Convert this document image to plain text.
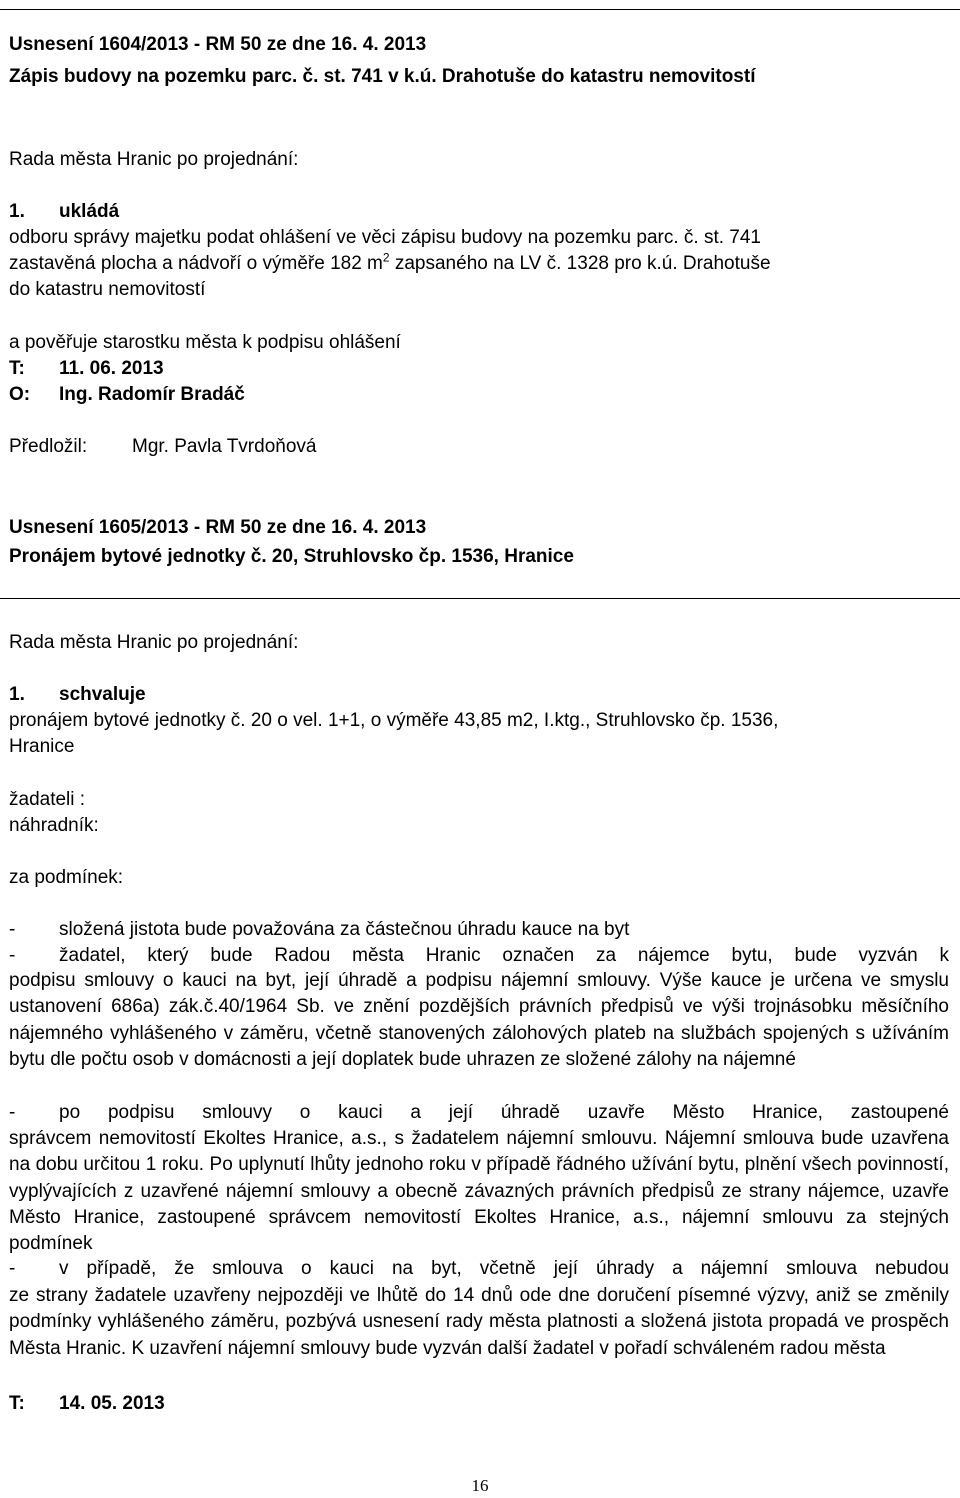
Usnesení 1604/2013 - RM 50 ze dne 16. 4. 2013
Zápis budovy na pozemku parc. č. st. 741 v k.ú. Drahotuše do katastru nemovitostí
Rada města Hranic po projednání:
1. ukládá
odboru správy majetku podat ohlášení ve věci zápisu budovy na pozemku parc. č. st. 741
zastavěná plocha a nádvoří o výměře 182 $m^2$ zapsaného na LV č. 1328 pro k.ú. Drahotuše
do katastru nemovitostí
a pověřuje starostku města k podpisu ohlášení
T: 11. 06. 2013
O: Ing. Radomír Bradáč
Předložil: Mgr. Pavla Tvrdoňová
Usnesení 1605/2013 - RM 50 ze dne 16. 4. 2013
Pronájem bytové jednotky č. 20, Struhlovsko čp. 1536, Hranice
Rada města Hranic po projednání:
1. schvaluje
pronájem bytové jednotky č. 20 o vel. 1+1, o výměře 43,85 m2, I.ktg., Struhlovsko čp. 1536,
Hranice
žadateli :
náhradník:
za podmínek:
- složená jistota bude považována za částečnou úhradu kauce na byt
- žadatel, který bude Radou města Hranic označen za nájemce bytu, bude vyzván k
podpisu smlouvy o kauci na byt, její úhradě a podpisu nájemní smlouvy. Výše kauce je určena ve smyslu ustanovení 686a) zák.č.40/1964 Sb. ve znění pozdějších právních předpisů ve výši trojnásobku měsíčního nájemného vyhlášeného v záměru, včetně stanovených zálohových plateb na službách spojených s užíváním bytu dle počtu osob v domácnosti a její doplatek bude uhrazen ze složené zálohy na nájemné
- po podpisu smlouvy o kauci a její úhradě uzavře Město Hranice, zastoupené
správcem nemovitostí Ekoltes Hranice, a.s., s žadatelem nájemní smlouvu. Nájemní smlouva bude uzavřena na dobu určitou 1 roku. Po uplynutí lhůty jednoho roku v případě řádného užívání bytu, plnění všech povinností, vyplývajících z uzavřené nájemní smlouvy a obecně závazných právních předpisů ze strany nájemce, uzavře Město Hranice, zastoupené správcem nemovitostí Ekoltes Hranice, a.s., nájemní smlouvu za stejných podmínek
- v případě, že smlouva o kauci na byt, včetně její úhrady a nájemní smlouva nebudou
ze strany žadatele uzavřeny nejpozději ve lhůtě do 14 dnů ode dne doručení písemné výzvy, aniž se změnily podmínky vyhlášeného záměru, pozbývá usnesení rady města platnosti a složená jistota propadá ve prospěch Města Hranic. K uzavření nájemní smlouvy bude vyzván další žadatel v pořadí schváleném radou města
T: 14. 05. 2013
16
